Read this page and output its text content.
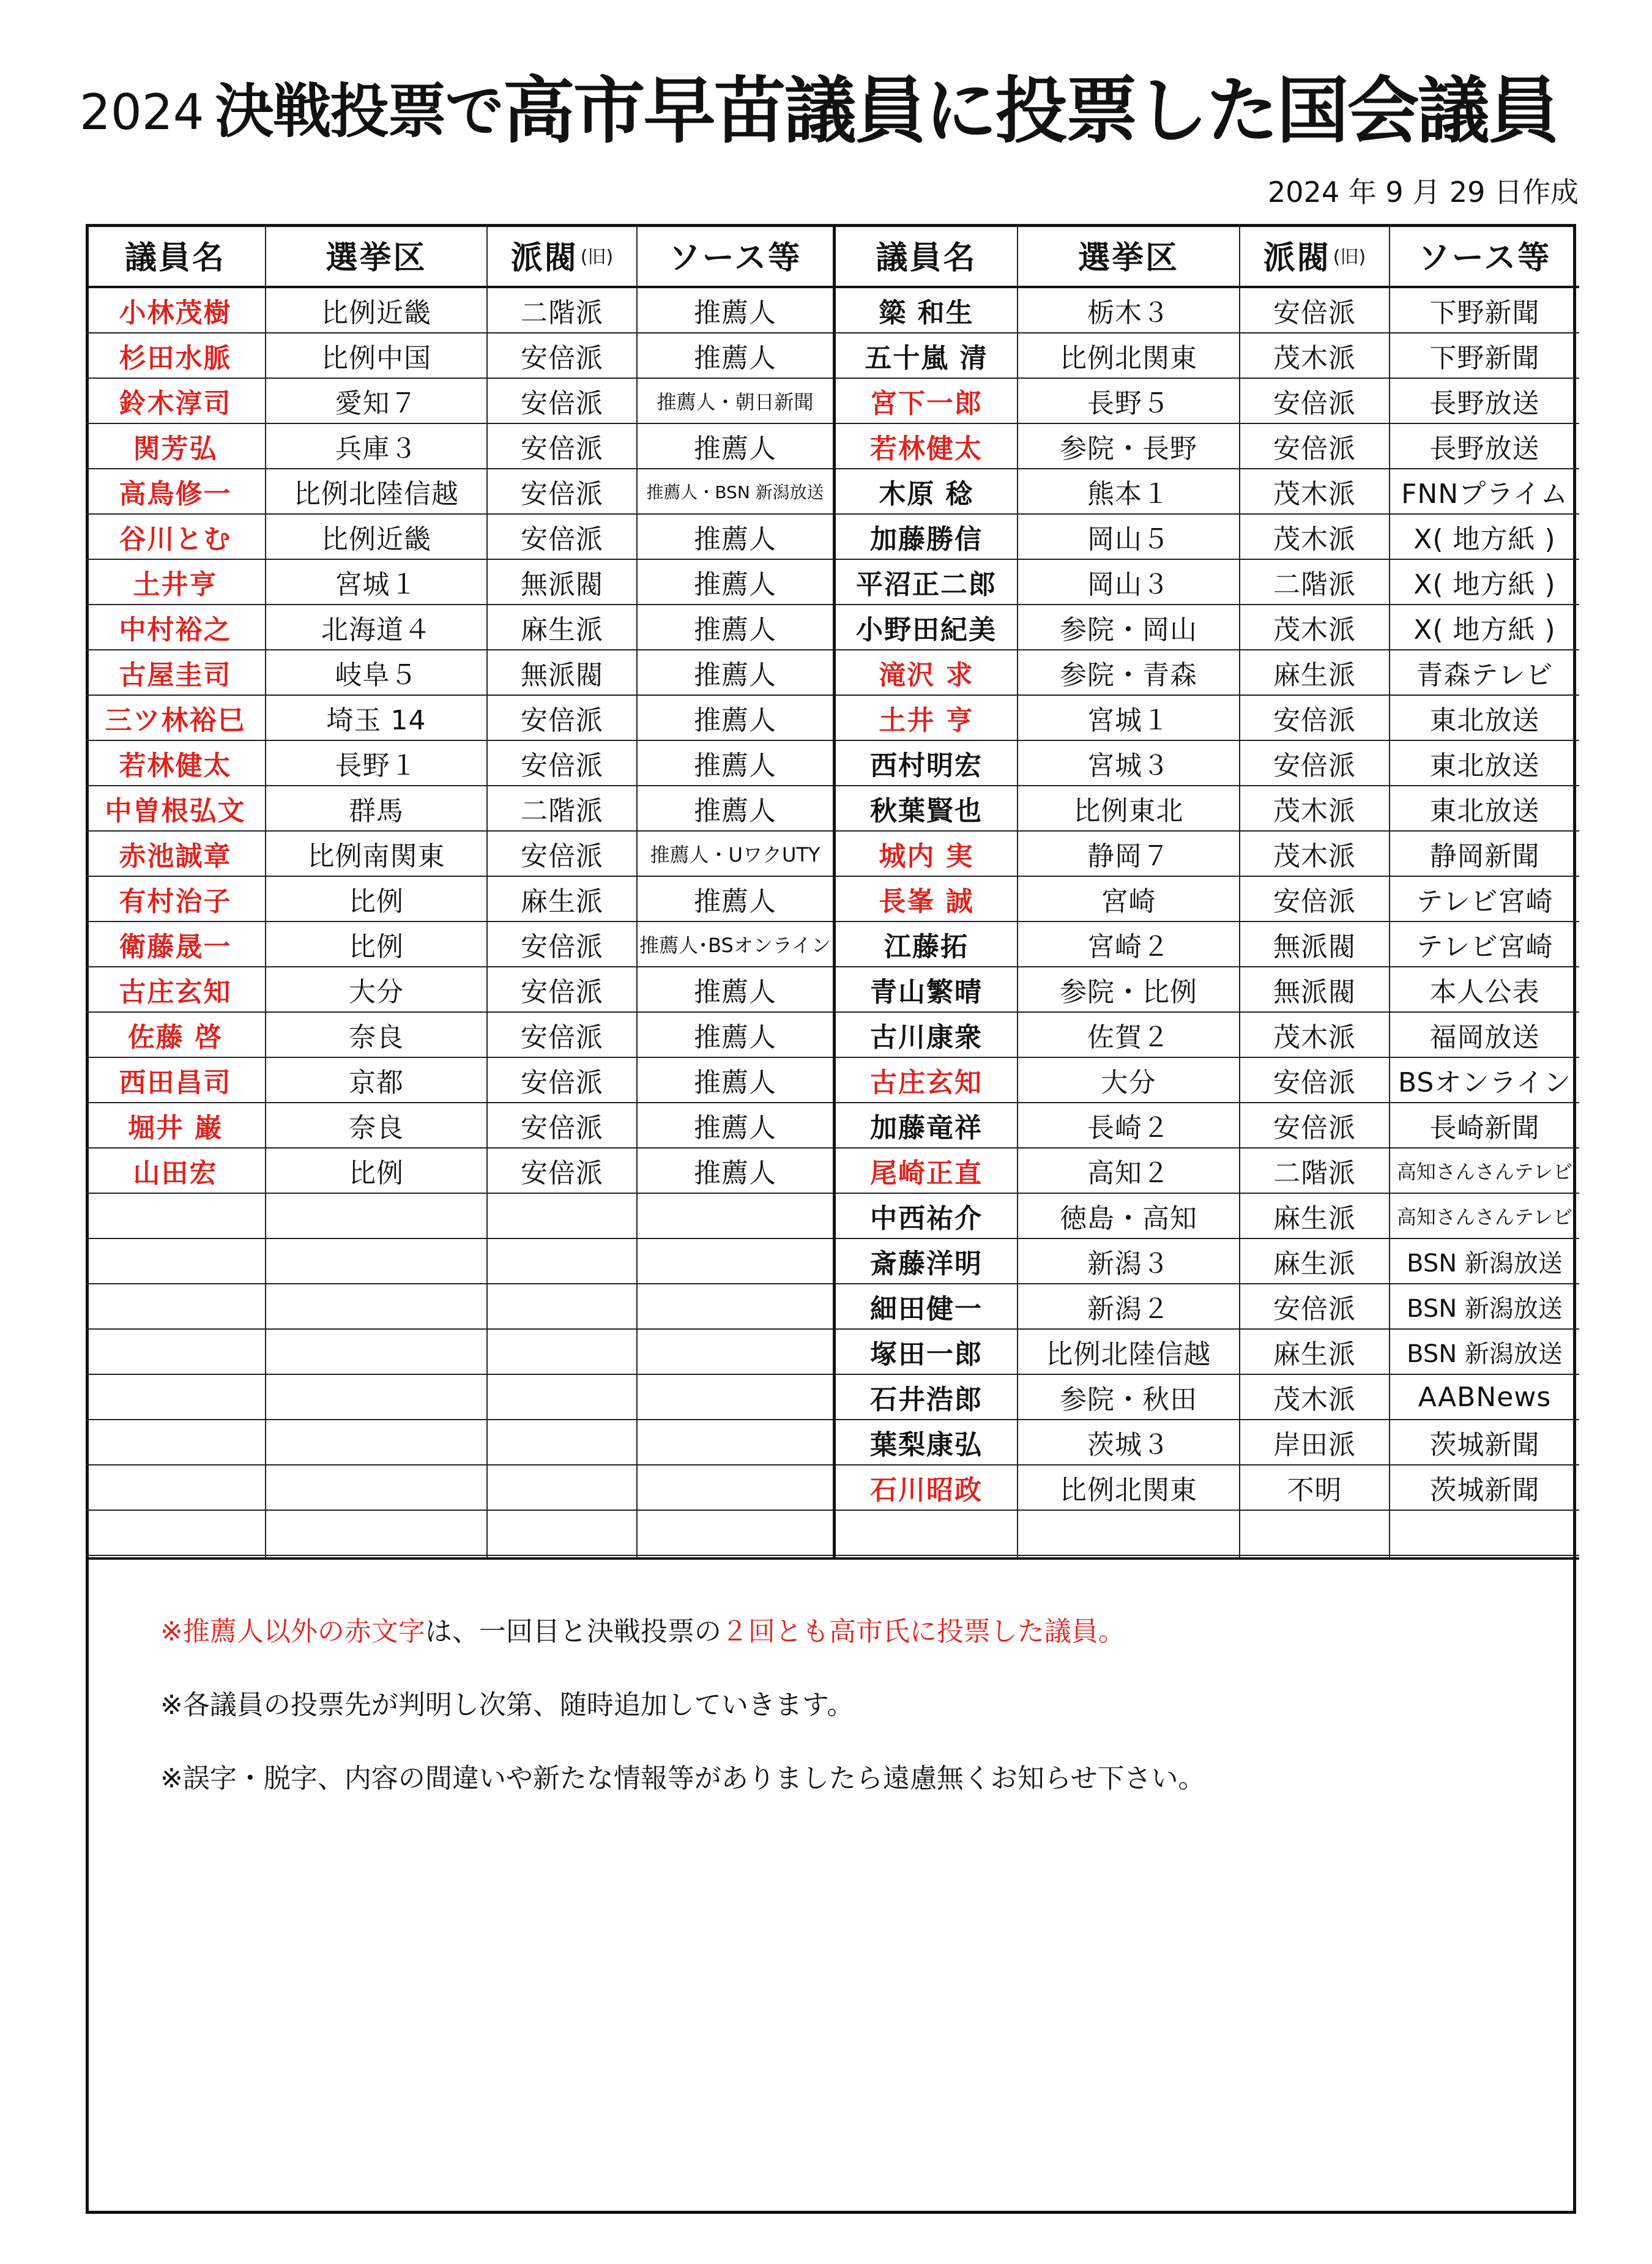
2024 決戦投票で 高市早苗議員に投票した国会議員
2024 年 9 月 29 日作成
議員名	選挙区	派閥 (旧)	ソース等
小林茂樹	比例近畿	二階派	推薦人
杉田水脈	比例中国	安倍派	推薦人
鈴木淳司	愛知７	安倍派	推薦人・朝日新聞
関芳弘	兵庫３	安倍派	推薦人
高鳥修一	比例北陸信越	安倍派	推薦人・BSN 新潟放送
谷川とむ	比例近畿	安倍派	推薦人
土井亨	宮城１	無派閥	推薦人
中村裕之	北海道４	麻生派	推薦人
古屋圭司	岐阜５	無派閥	推薦人
三ツ林裕巳	埼玉 14	安倍派	推薦人
若林健太	長野１	安倍派	推薦人
中曽根弘文	群馬	二階派	推薦人
赤池誠章	比例南関東	安倍派	推薦人・UワクUTY
有村治子	比例	麻生派	推薦人
衛藤晟一	比例	安倍派	推薦人･BSオンライン
古庄玄知	大分	安倍派	推薦人
佐藤 啓	奈良	安倍派	推薦人
西田昌司	京都	安倍派	推薦人
堀井 巌	奈良	安倍派	推薦人
山田宏	比例	安倍派	推薦人
議員名	選挙区	派閥 (旧)	ソース等
簗 和生	栃木３	安倍派	下野新聞
五十嵐 清	比例北関東	茂木派	下野新聞
宮下一郎	長野５	安倍派	長野放送
若林健太	参院・長野	安倍派	長野放送
木原 稔	熊本１	茂木派	FNNプライム
加藤勝信	岡山５	茂木派	X( 地方紙 )
平沼正二郎	岡山３	二階派	X( 地方紙 )
小野田紀美	参院・岡山	茂木派	X( 地方紙 )
滝沢 求	参院・青森	麻生派	青森テレビ
土井 亨	宮城１	安倍派	東北放送
西村明宏	宮城３	安倍派	東北放送
秋葉賢也	比例東北	茂木派	東北放送
城内 実	静岡７	茂木派	静岡新聞
長峯 誠	宮崎	安倍派	テレビ宮崎
江藤拓	宮崎２	無派閥	テレビ宮崎
青山繁晴	参院・比例	無派閥	本人公表
古川康衆	佐賀２	茂木派	福岡放送
古庄玄知	大分	安倍派	BSオンライン
加藤竜祥	長崎２	安倍派	長崎新聞
尾崎正直	高知２	二階派	高知さんさんテレビ
中西祐介	徳島・高知	麻生派	高知さんさんテレビ
斎藤洋明	新潟３	麻生派	BSN 新潟放送
細田健一	新潟２	安倍派	BSN 新潟放送
塚田一郎	比例北陸信越	麻生派	BSN 新潟放送
石井浩郎	参院・秋田	茂木派	AABNews
葉梨康弘	茨城３	岸田派	茨城新聞
石川昭政	比例北関東	不明	茨城新聞
※推薦人以外の赤文字は、一回目と決戦投票の２回とも高市氏に投票した議員。
※各議員の投票先が判明し次第、随時追加していきます。
※誤字・脱字、内容の間違いや新たな情報等がありましたら遠慮無くお知らせ下さい。
